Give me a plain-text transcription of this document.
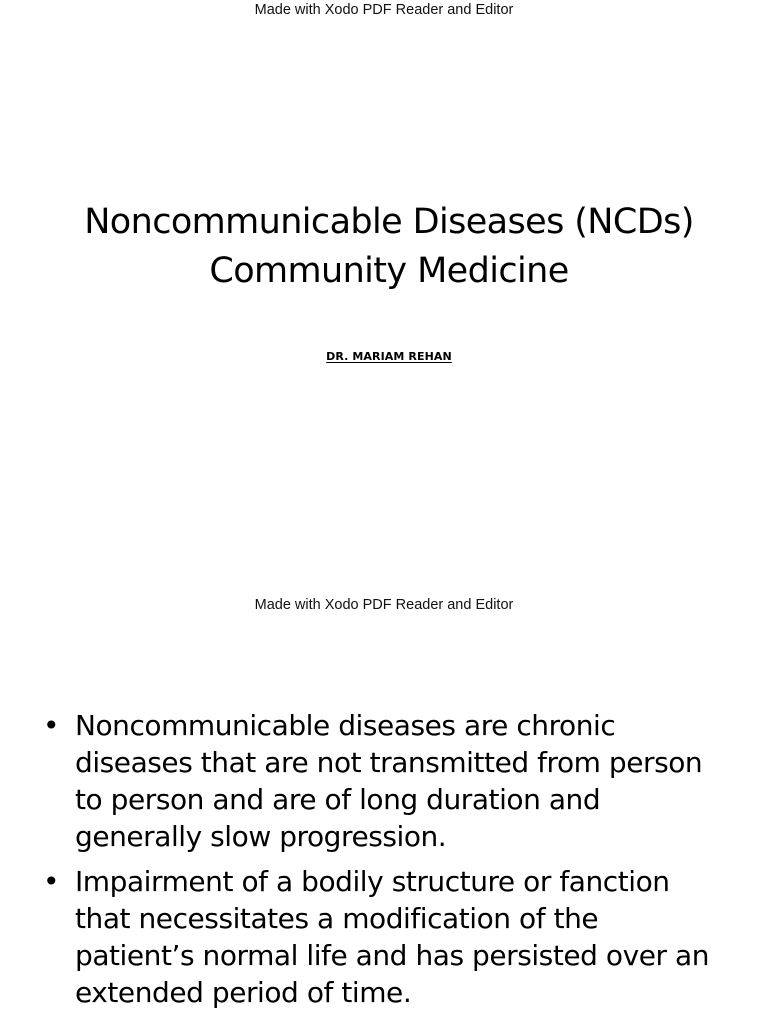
Made with Xodo PDF Reader and Editor
Noncommunicable Diseases (NCDs)
Community Medicine
DR. MARIAM REHAN
Made with Xodo PDF Reader and Editor
• Noncommunicable diseases are chronic
diseases that are not transmitted from person
to person and are of long duration and
generally slow progression.
• Impairment of a bodily structure or fanction
that necessitates a modification of the
patient’s normal life and has persisted over an
extended period of time.
